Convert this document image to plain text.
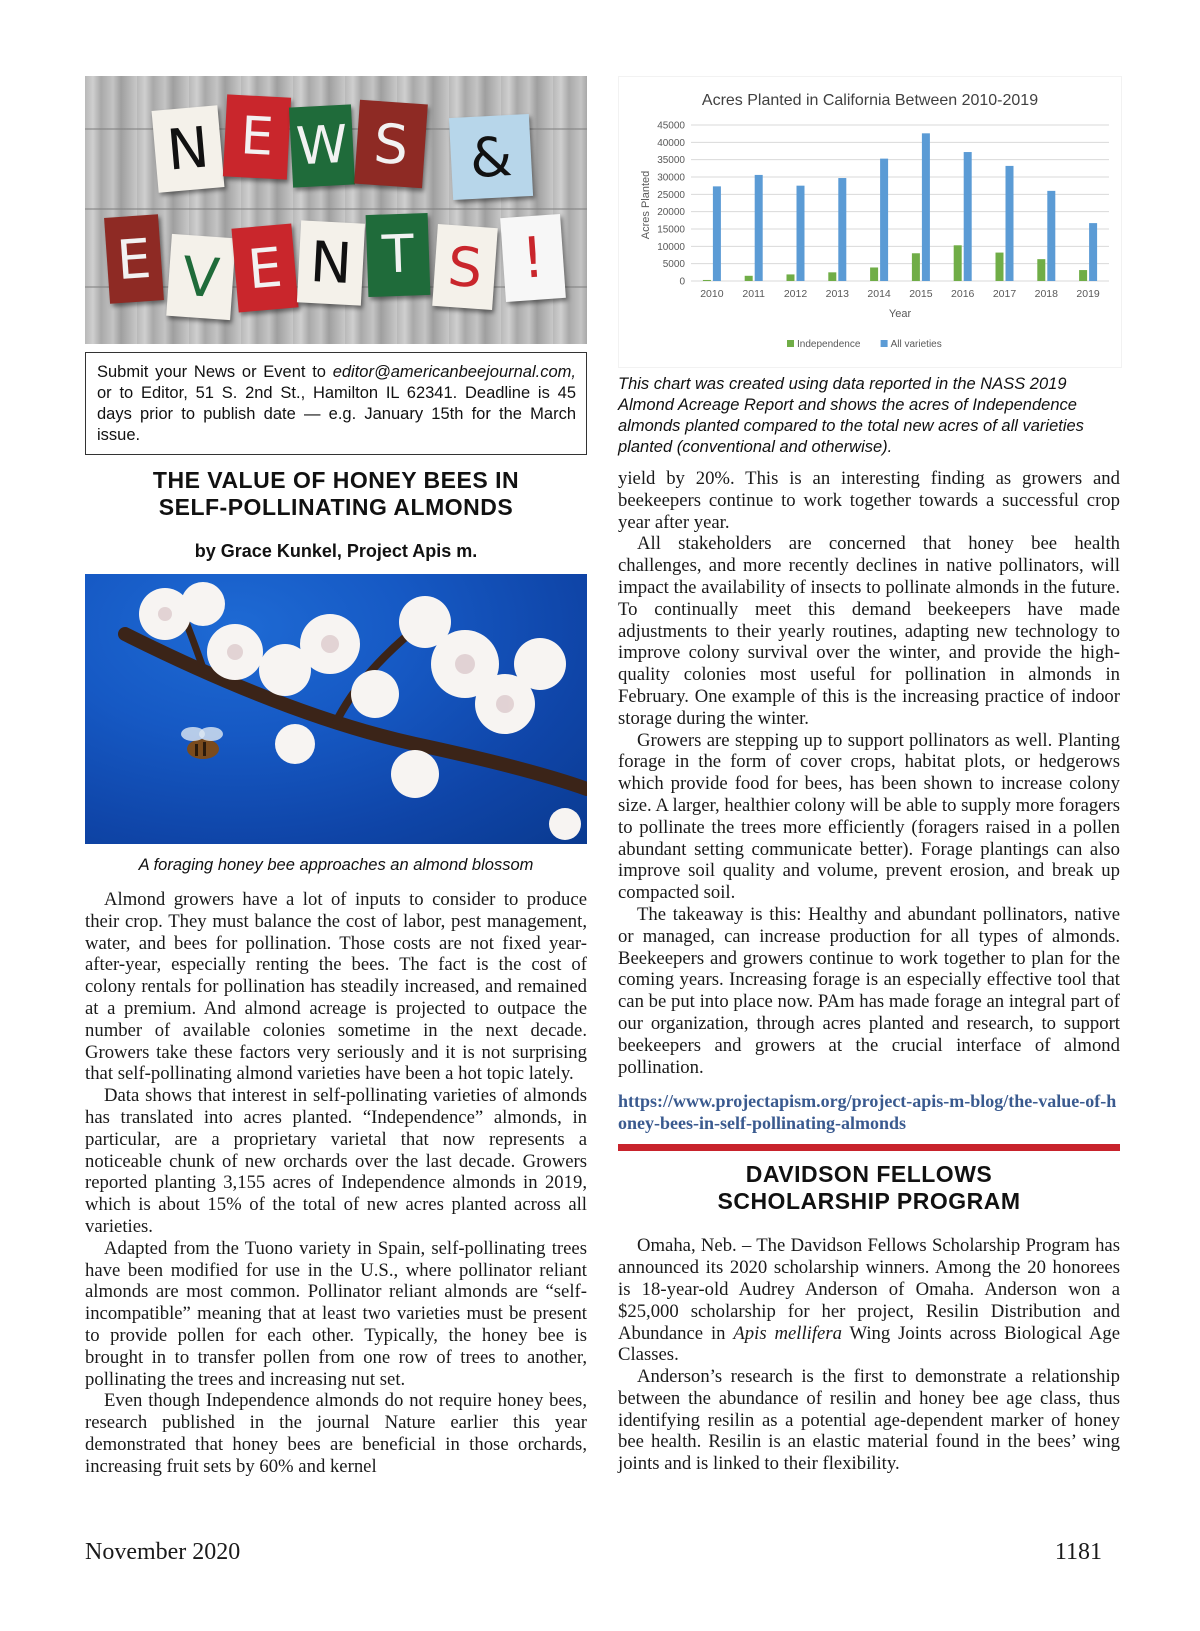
N E W S &
E V E N T S !
Submit your News or Event to editor@americanbeejournal.com, or to Editor, 51 S. 2nd St., Hamilton IL 62341. Deadline is 45 days prior to publish date — e.g. January 15th for the March issue.
THE VALUE OF HONEY BEES IN
SELF-POLLINATING ALMONDS

by Grace Kunkel, Project Apis m.

A foraging honey bee approaches an almond blossom

Almond growers have a lot of inputs to consider to produce their crop. They must balance the cost of labor, pest management, water, and bees for pollination. Those costs are not fixed year-after-year, especially renting the bees. The fact is the cost of colony rentals for pollination has steadily increased, and remained at a premium. And almond acreage is projected to outpace the number of available colonies sometime in the next decade. Growers take these factors very seriously and it is not surprising that self-pollinating almond varieties have been a hot topic lately.

Data shows that interest in self-pollinating varieties of almonds has translated into acres planted. “Independence” almonds, in particular, are a proprietary varietal that now represents a noticeable chunk of new orchards over the last decade. Growers reported planting 3,155 acres of Independence almonds in 2019, which is about 15% of the total of new acres planted across all varieties.

Adapted from the Tuono variety in Spain, self-pollinating trees have been modified for use in the U.S., where pollinator reliant almonds are most common. Pollinator reliant almonds are “self-incompatible” meaning that at least two varieties must be present to provide pollen for each other. Typically, the honey bee is brought in to transfer pollen from one row of trees to another, pollinating the trees and increasing nut set.

Even though Independence almonds do not require honey bees, research published in the journal Nature earlier this year demonstrated that honey bees are beneficial in those orchards, increasing fruit sets by 60% and kernel

Acres Planted in California Between 2010-2019
0
5000
10000
15000
20000
25000
30000
35000
40000
45000
Acres Planted
2010 2011 2012 2013 2014 2015 2016 2017 2018 2019
Year
Independence	All varieties

This chart was created using data reported in the NASS 2019 Almond Acreage Report and shows the acres of Independence almonds planted compared to the total new acres of all varieties planted (conventional and otherwise).

yield by 20%. This is an interesting finding as growers and beekeepers continue to work together towards a successful crop year after year.

All stakeholders are concerned that honey bee health challenges, and more recently declines in native pollinators, will impact the availability of insects to pollinate almonds in the future. To continually meet this demand beekeepers have made adjustments to their yearly routines, adapting new technology to improve colony survival over the winter, and provide the high-quality colonies most useful for pollination in almonds in February. One example of this is the increasing practice of indoor storage during the winter.

Growers are stepping up to support pollinators as well. Planting forage in the form of cover crops, habitat plots, or hedgerows which provide food for bees, has been shown to increase colony size. A larger, healthier colony will be able to supply more foragers to pollinate the trees more efficiently (foragers raised in a pollen abundant setting communicate better). Forage plantings can also improve soil quality and volume, prevent erosion, and break up compacted soil.

The takeaway is this: Healthy and abundant pollinators, native or managed, can increase production for all types of almonds. Beekeepers and growers continue to work together to plan for the coming years. Increasing forage is an especially effective tool that can be put into place now. PAm has made forage an integral part of our organization, through acres planted and research, to support beekeepers and growers at the crucial interface of almond pollination.

https://www.projectapism.org/project-apis-m-blog/the-value-of-honey-bees-in-self-pollinating-almonds

DAVIDSON FELLOWS
SCHOLARSHIP PROGRAM

Omaha, Neb. – The Davidson Fellows Scholarship Program has announced its 2020 scholarship winners. Among the 20 honorees is 18-year-old Audrey Anderson of Omaha. Anderson won a $25,000 scholarship for her project, Resilin Distribution and Abundance in Apis mellifera Wing Joints across Biological Age Classes.

Anderson’s research is the first to demonstrate a relationship between the abundance of resilin and honey bee age class, thus identifying resilin as a potential age-dependent marker of honey bee health. Resilin is an elastic material found in the bees’ wing joints and is linked to their flexibility.

November 2020	1181
